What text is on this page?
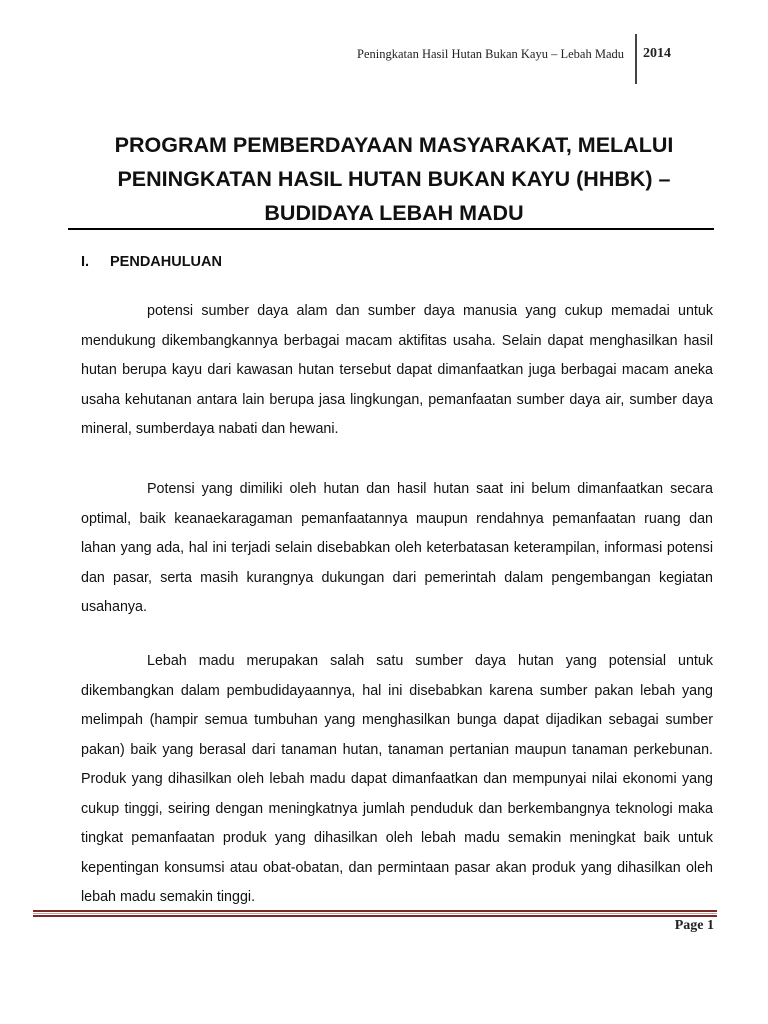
Peningkatan Hasil Hutan Bukan Kayu – Lebah Madu 2014
PROGRAM PEMBERDAYAAN MASYARAKAT, MELALUI
PENINGKATAN HASIL HUTAN BUKAN KAYU (HHBK) –
BUDIDAYA LEBAH MADU
I. PENDAHULUAN

potensi sumber daya alam dan sumber daya manusia yang cukup memadai untuk mendukung dikembangkannya berbagai macam aktifitas usaha. Selain dapat menghasilkan hasil hutan berupa kayu dari kawasan hutan tersebut dapat dimanfaatkan juga berbagai macam aneka usaha kehutanan antara lain berupa jasa lingkungan, pemanfaatan sumber daya air, sumber daya mineral, sumberdaya nabati dan hewani.

Potensi yang dimiliki oleh hutan dan hasil hutan saat ini belum dimanfaatkan secara optimal, baik keanaekaragaman pemanfaatannya maupun rendahnya pemanfaatan ruang dan lahan yang ada, hal ini terjadi selain disebabkan oleh keterbatasan keterampilan, informasi potensi dan pasar, serta masih kurangnya dukungan dari pemerintah dalam pengembangan kegiatan usahanya.

Lebah madu merupakan salah satu sumber daya hutan yang potensial untuk dikembangkan dalam pembudidayaannya, hal ini disebabkan karena sumber pakan lebah yang melimpah (hampir semua tumbuhan yang menghasilkan bunga dapat dijadikan sebagai sumber pakan) baik yang berasal dari tanaman hutan, tanaman pertanian maupun tanaman perkebunan. Produk yang dihasilkan oleh lebah madu dapat dimanfaatkan dan mempunyai nilai ekonomi yang cukup tinggi, seiring dengan meningkatnya jumlah penduduk dan berkembangnya teknologi maka tingkat pemanfaatan produk yang dihasilkan oleh lebah madu semakin meningkat baik untuk kepentingan konsumsi atau obat-obatan, dan permintaan pasar akan produk yang dihasilkan oleh lebah madu semakin tinggi.

Page 1
